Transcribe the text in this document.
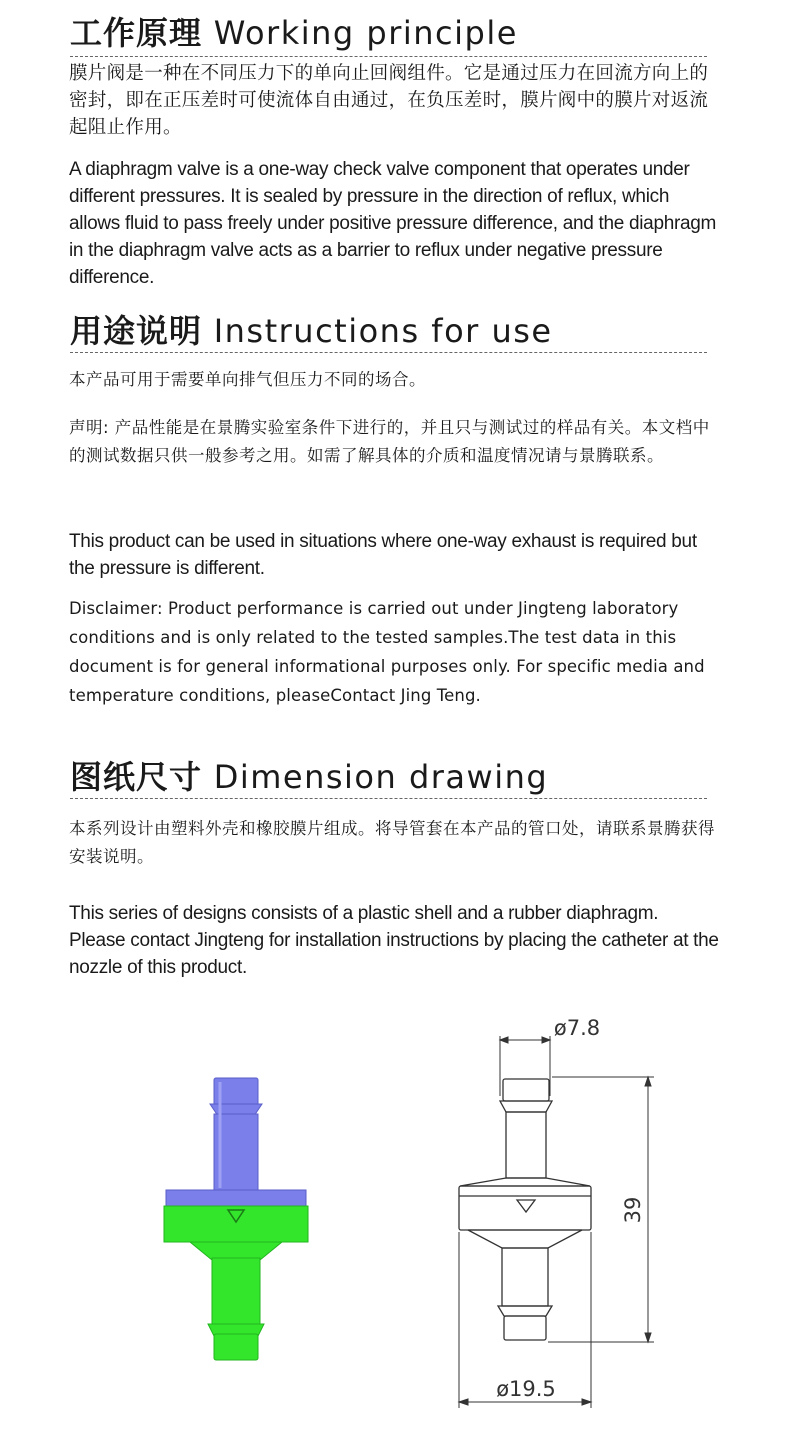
工作原理 Working principle

膜片阀是一种在不同压力下的单向止回阀组件。它是通过压力在回流方向上的密封，即在正压差时可使流体自由通过，在负压差时，膜片阀中的膜片对返流起阻止作用。

A diaphragm valve is a one-way check valve component that operates under different pressures. It is sealed by pressure in the direction of reflux, which allows fluid to pass freely under positive pressure difference, and the diaphragm in the diaphragm valve acts as a barrier to reflux under negative pressure difference.

用途说明 Instructions for use

本产品可用于需要单向排气但压力不同的场合。

声明: 产品性能是在景腾实验室条件下进行的，并且只与测试过的样品有关。本文档中的测试数据只供一般参考之用。如需了解具体的介质和温度情况请与景腾联系。

This product can be used in situations where one-way exhaust is required but the pressure is different.

Disclaimer: Product performance is carried out under Jingteng laboratory conditions and is only related to the tested samples.The test data in this document is for general informational purposes only. For specific media and temperature conditions, pleaseContact Jing Teng.

图纸尺寸 Dimension drawing

本系列设计由塑料外壳和橡胶膜片组成。将导管套在本产品的管口处，请联系景腾获得安装说明。

This series of designs consists of a plastic shell and a rubber diaphragm. Please contact Jingteng for installation instructions by placing the catheter at the nozzle of this product.

ø7.8
39
ø19.5
